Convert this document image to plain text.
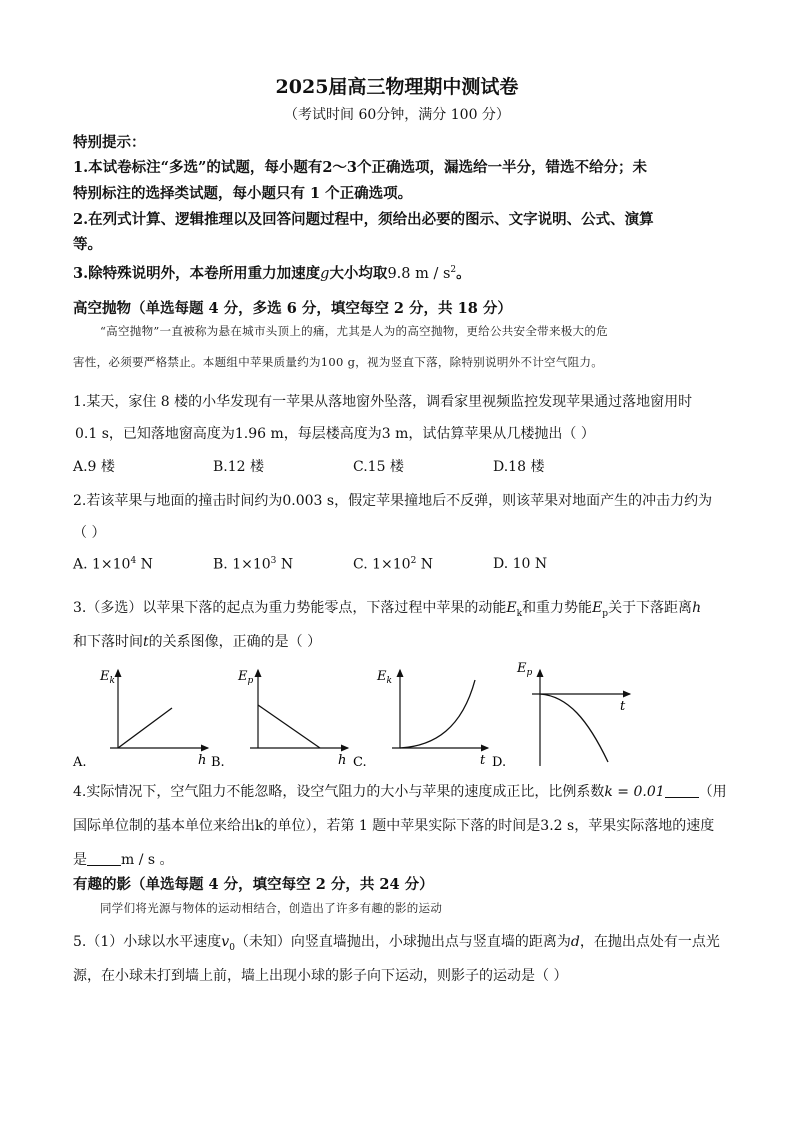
2025届高三物理期中测试卷
（考试时间 60分钟，满分 100 分）
特别提示：
1.本试卷标注“多选”的试题，每小题有2～3个正确选项，漏选给一半分，错选不给分；未
特别标注的选择类试题，每小题只有 1 个正确选项。
2.在列式计算、逻辑推理以及回答问题过程中，须给出必要的图示、文字说明、公式、演算
等。
3.除特殊说明外，本卷所用重力加速度g大小均取9.8 m / $s^2$。
高空抛物（单选每题 4 分，多选 6 分，填空每空 2 分，共 18 分）
“高空抛物”一直被称为悬在城市头顶上的痛，尤其是人为的高空抛物，更给公共安全带来极大的危
害性，必须要严格禁止。本题组中苹果质量约为100 g，视为竖直下落，除特别说明外不计空气阻力。
1.某天，家住 8 楼的小华发现有一苹果从落地窗外坠落，调看家里视频监控发现苹果通过落地窗用时
0.1 s，已知落地窗高度为1.96 m，每层楼高度为3 m，试估算苹果从几楼抛出（ ）
A.9 楼	B.12 楼	C.15 楼	D.18 楼
2.若该苹果与地面的撞击时间约为0.003 s，假定苹果撞地后不反弹，则该苹果对地面产生的冲击力约为
（ ）
A. $1\times 10^4$ N	B. $1\times 10^3$ N	C. $1\times 10^2$ N	D. 10 N
3.（多选）以苹果下落的起点为重力势能零点，下落过程中苹果的动能$E_k$和重力势能$E_p$关于下落距离h
和下落时间t的关系图像，正确的是（ ）
$E_k$
h
A.
$E_p$
h
B.
$E_k$
t
C.
$E_p$
t
D.
4.实际情况下，空气阻力不能忽略，设空气阻力的大小与苹果的速度成正比，比例系数k = 0.01 （用
国际单位制的基本单位来给出k的单位），若第 1 题中苹果实际下落的时间是3.2 s，苹果实际落地的速度
是 m / s 。
有趣的影（单选每题 4 分，填空每空 2 分，共 24 分）
同学们将光源与物体的运动相结合，创造出了许多有趣的影的运动
5.（1）小球以水平速度$v_0$（未知）向竖直墙抛出，小球抛出点与竖直墙的距离为d，在抛出点处有一点光
源，在小球未打到墙上前，墙上出现小球的影子向下运动，则影子的运动是（ ）
